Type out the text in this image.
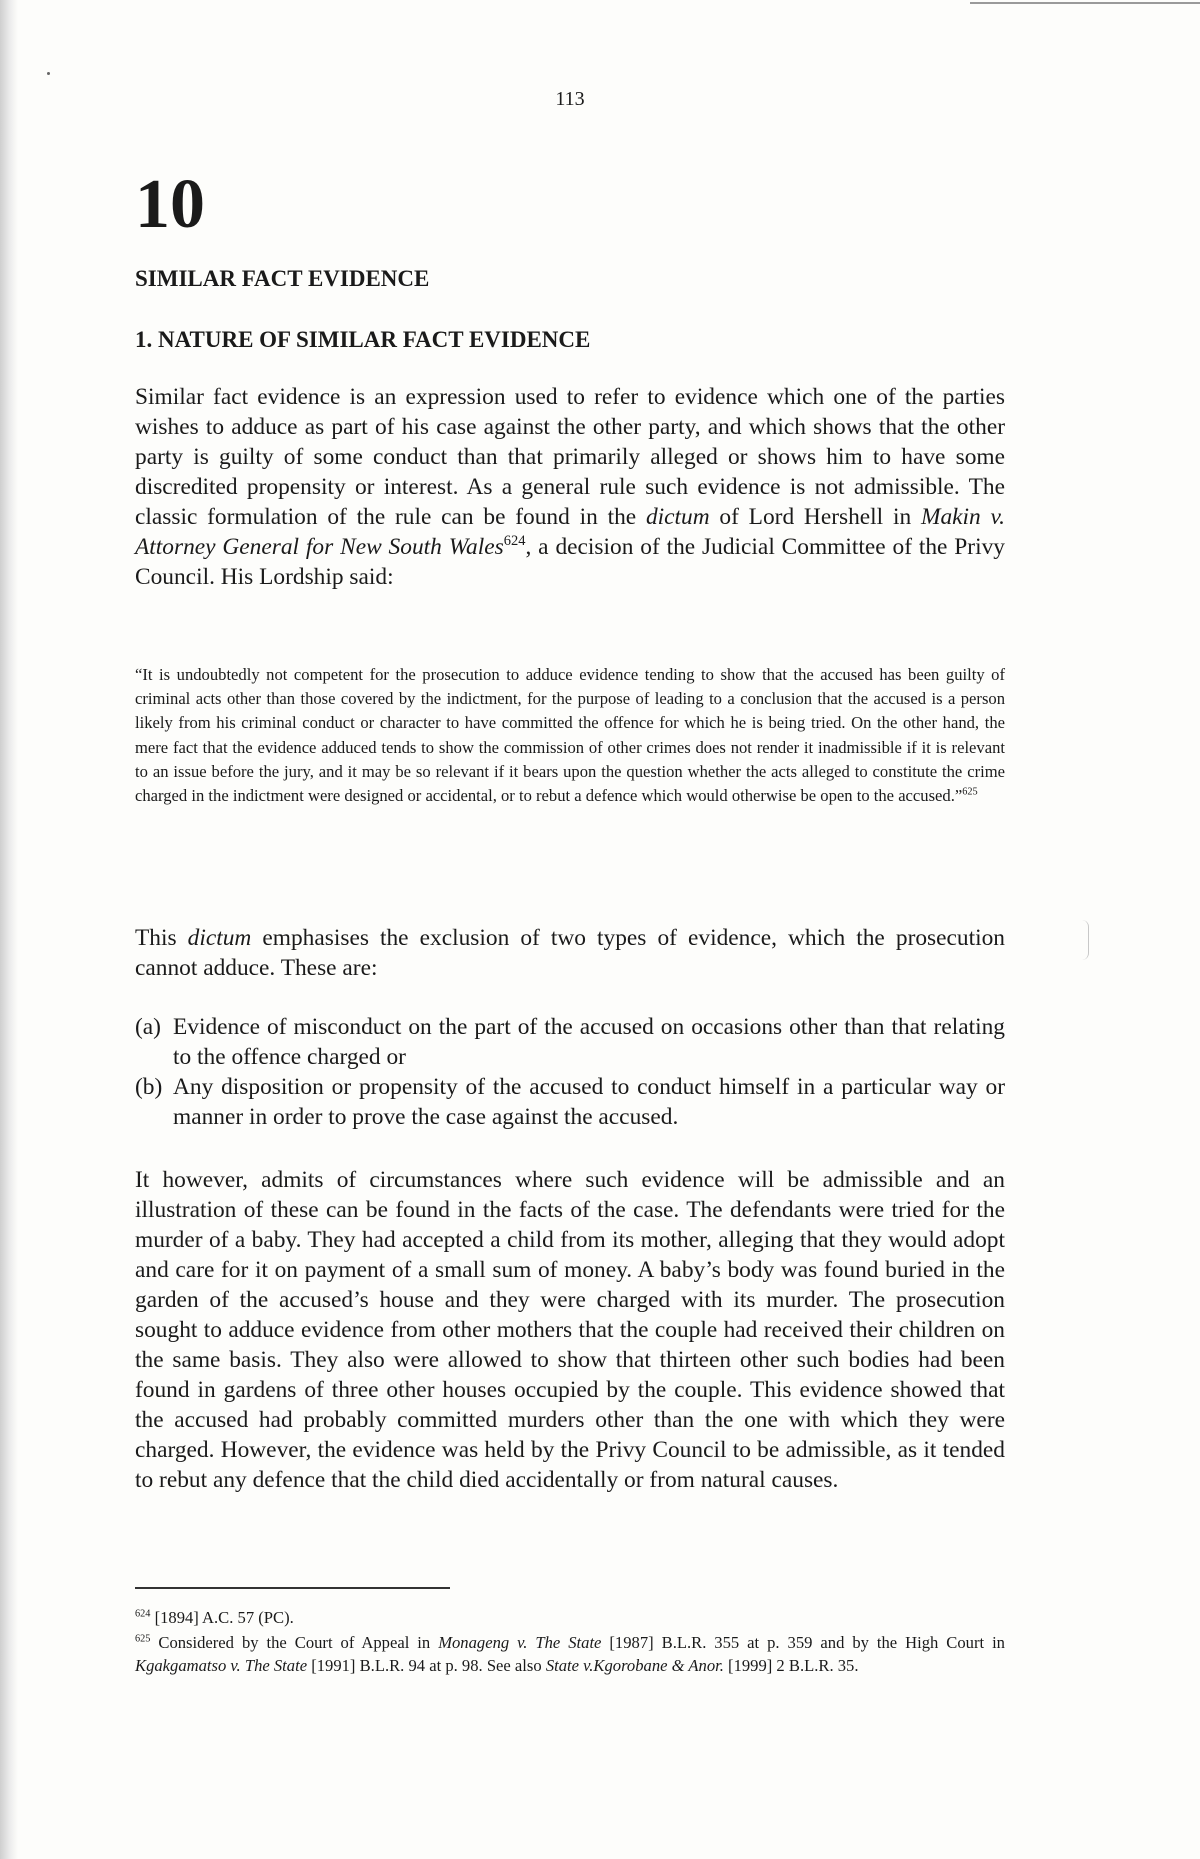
113
10
SIMILAR FACT EVIDENCE
1. NATURE OF SIMILAR FACT EVIDENCE

Similar fact evidence is an expression used to refer to evidence which one of the parties wishes to adduce as part of his case against the other party, and which shows that the other party is guilty of some conduct than that primarily alleged or shows him to have some discredited propensity or interest. As a general rule such evidence is not admissible. The classic formulation of the rule can be found in the dictum of Lord Hershell in Makin v. Attorney General for New South Wales$^{624}$, a decision of the Judicial Committee of the Privy Council. His Lordship said:

“It is undoubtedly not competent for the prosecution to adduce evidence tending to show that the accused has been guilty of criminal acts other than those covered by the indictment, for the purpose of leading to a conclusion that the accused is a person likely from his criminal conduct or character to have committed the offence for which he is being tried. On the other hand, the mere fact that the evidence adduced tends to show the commission of other crimes does not render it inadmissible if it is relevant to an issue before the jury, and it may be so relevant if it bears upon the question whether the acts alleged to constitute the crime charged in the indictment were designed or accidental, or to rebut a defence which would otherwise be open to the accused.”$^{625}$

This dictum emphasises the exclusion of two types of evidence, which the prosecution cannot adduce. These are:

(a) Evidence of misconduct on the part of the accused on occasions other than that relating to the offence charged or
(b) Any disposition or propensity of the accused to conduct himself in a particular way or manner in order to prove the case against the accused.

It however, admits of circumstances where such evidence will be admissible and an illustration of these can be found in the facts of the case. The defendants were tried for the murder of a baby. They had accepted a child from its mother, alleging that they would adopt and care for it on payment of a small sum of money. A baby’s body was found buried in the garden of the accused’s house and they were charged with its murder. The prosecution sought to adduce evidence from other mothers that the couple had received their children on the same basis. They also were allowed to show that thirteen other such bodies had been found in gardens of three other houses occupied by the couple. This evidence showed that the accused had probably committed murders other than the one with which they were charged. However, the evidence was held by the Privy Council to be admissible, as it tended to rebut any defence that the child died accidentally or from natural causes.

$^{624}$ [1894] A.C. 57 (PC).

$^{625}$ Considered by the Court of Appeal in Monageng v. The State [1987] B.L.R. 355 at p. 359 and by the High Court in Kgakgamatso v. The State [1991] B.L.R. 94 at p. 98. See also State v.Kgorobane & Anor. [1999] 2 B.L.R. 35.
